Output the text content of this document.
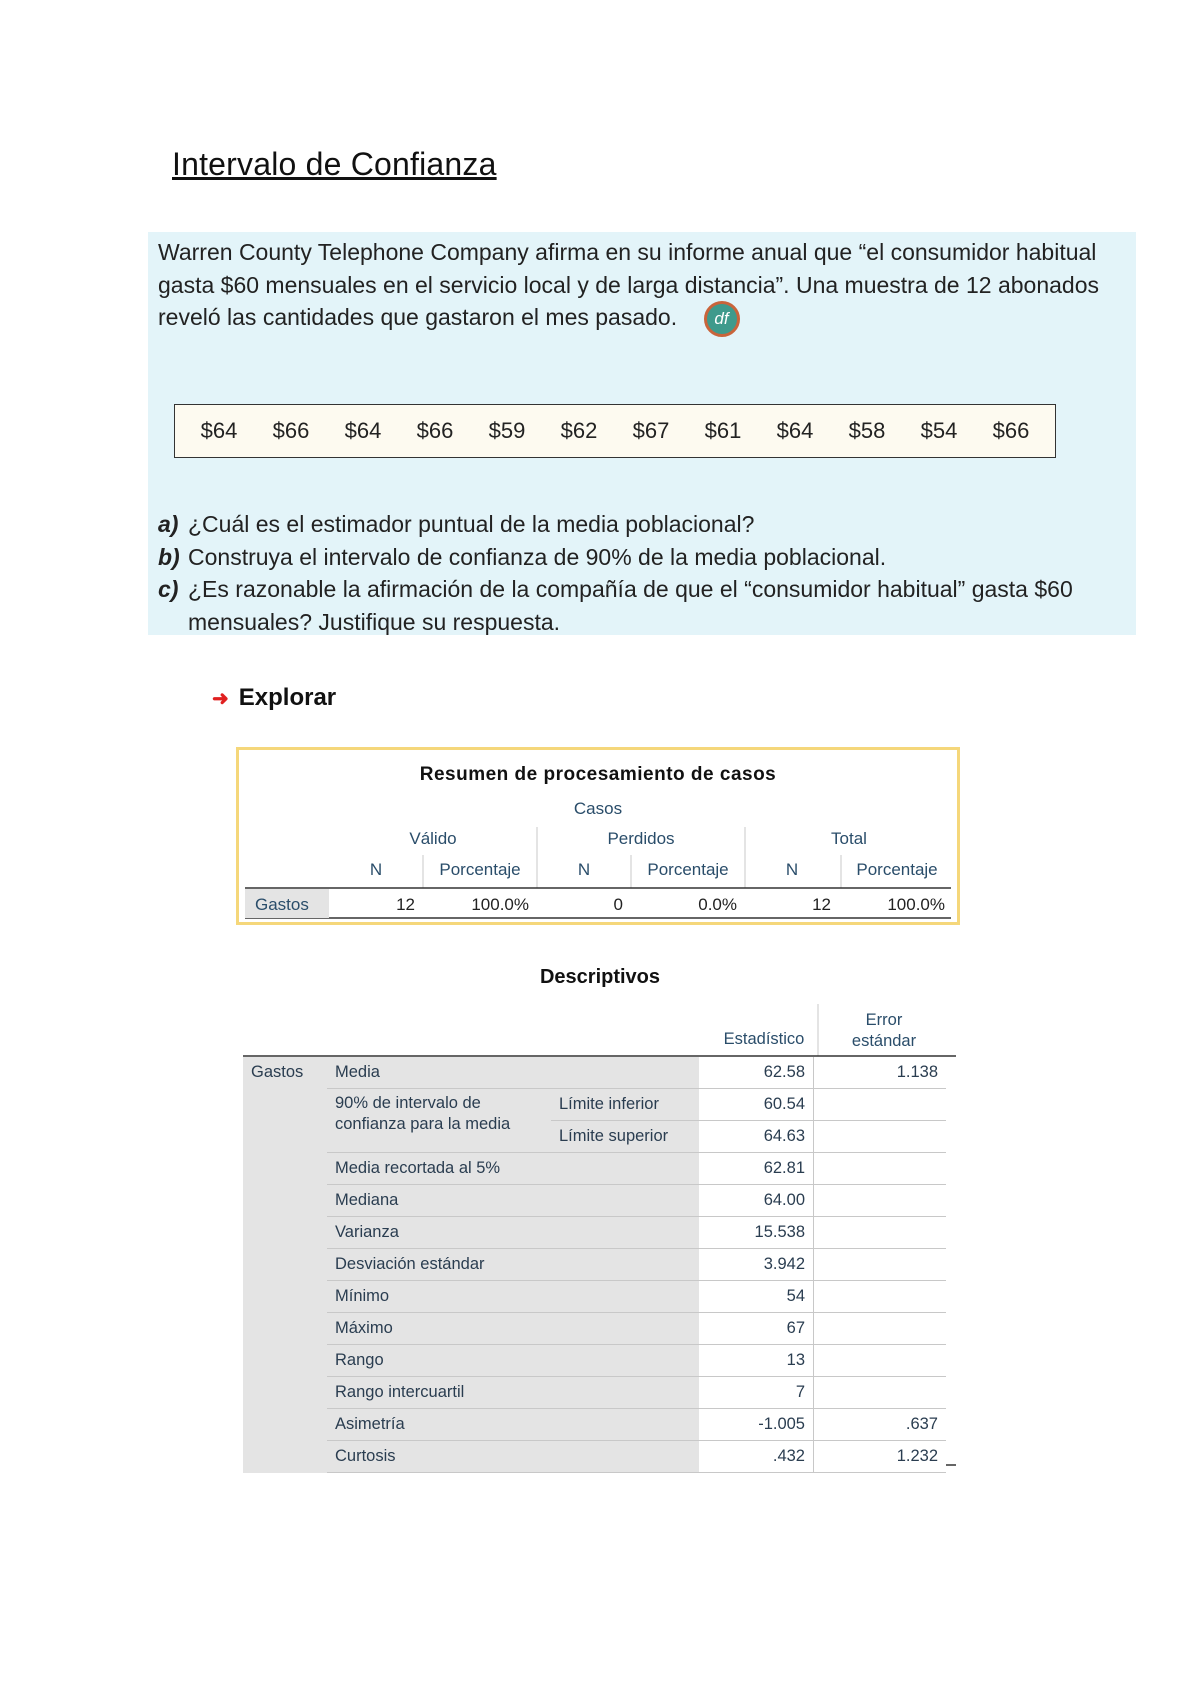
Intervalo de Confianza
Warren County Telephone Company afirma en su informe anual que “el consumidor habitual gasta $60 mensuales en el servicio local y de larga distancia”. Una muestra de 12 abonados reveló las cantidades que gastaron el mes pasado. df
$64	$66	$64	$66	$59	$62	$67	$61	$64	$58	$54	$66
a) ¿Cuál es el estimador puntual de la media poblacional?
b) Construya el intervalo de confianza de 90% de la media poblacional.
c) ¿Es razonable la afirmación de la compañía de que el “consumidor habitual” gasta $60 mensuales? Justifique su respuesta.
➜ Explorar
Resumen de procesamiento de casos
Casos
Válido	Perdidos	Total
N	Porcentaje	N	Porcentaje	N	Porcentaje
Gastos	12	100.0%	0	0.0%	12	100.0%
Descriptivos
Estadístico
Error estándar
Gastos	Media		62.58	1.138
	90% de intervalo de confianza para la media	Límite inferior	60.54	
		Límite superior	64.63	
	Media recortada al 5%		62.81	
	Mediana		64.00	
	Varianza		15.538	
	Desviación estándar		3.942	
	Mínimo		54	
	Máximo		67	
	Rango		13	
	Rango intercuartil		7	
	Asimetría		-1.005	.637
	Curtosis		.432	1.232
